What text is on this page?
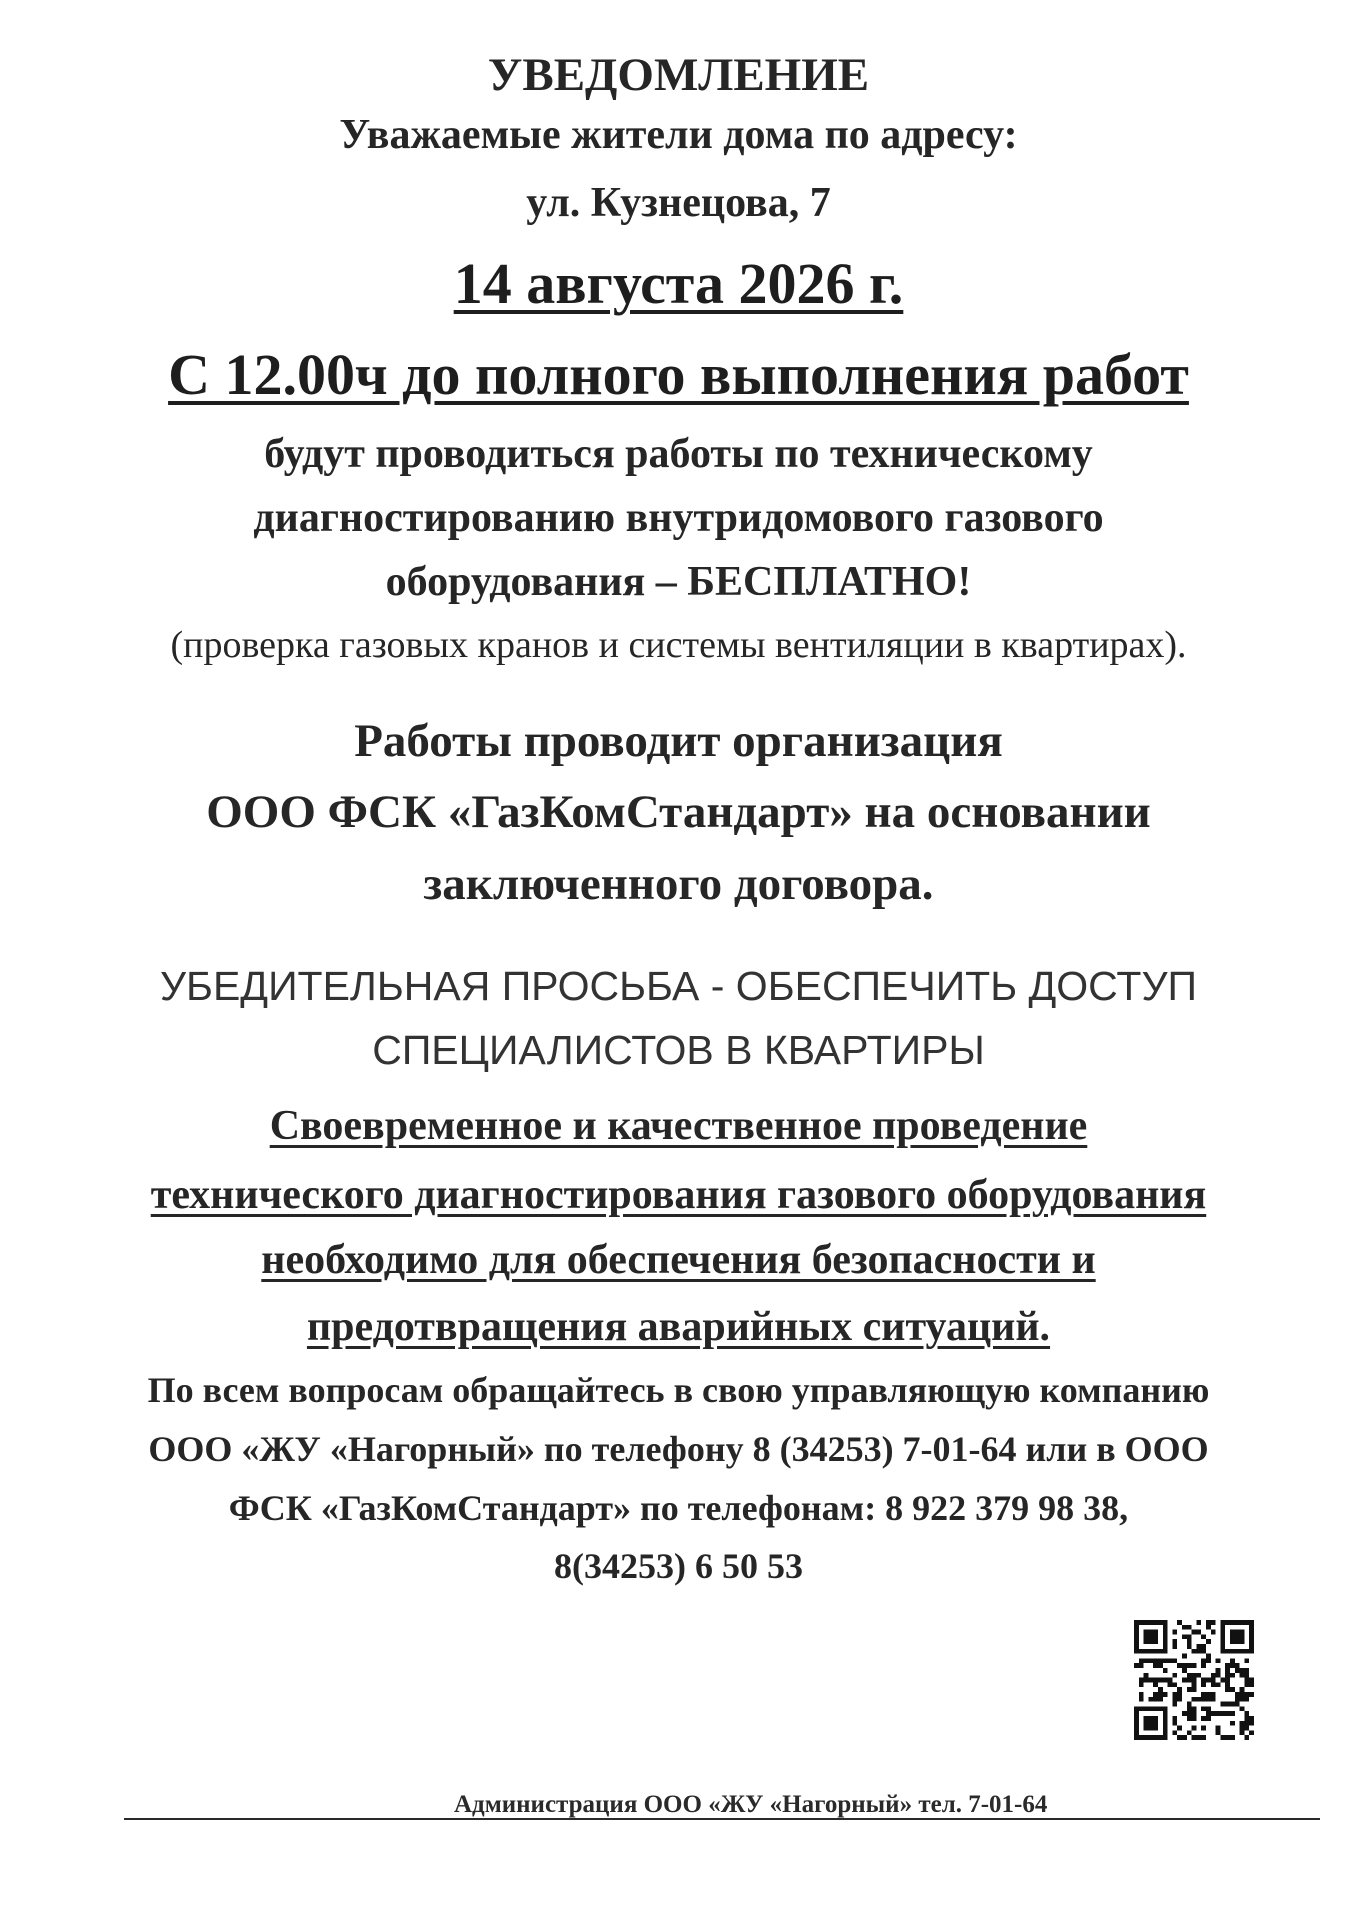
УВЕДОМЛЕНИЕ
Уважаемые жители дома по адресу:
ул. Кузнецова, 7
14 августа 2026 г.
С 12.00ч до полного выполнения работ
будут проводиться работы по техническому
диагностированию внутридомового газового
оборудования – БЕСПЛАТНО!
(проверка газовых кранов и системы вентиляции в квартирах).
Работы проводит организация
ООО ФСК «ГазКомСтандарт» на основании
заключенного договора.
УБЕДИТЕЛЬНАЯ ПРОСЬБА - ОБЕСПЕЧИТЬ ДОСТУП
СПЕЦИАЛИСТОВ В КВАРТИРЫ
Своевременное и качественное проведение
технического диагностирования газового оборудования
необходимо для обеспечения безопасности и
предотвращения аварийных ситуаций.
По всем вопросам обращайтесь в свою управляющую компанию
ООО «ЖУ «Нагорный» по телефону 8 (34253) 7-01-64 или в ООО
ФСК «ГазКомСтандарт» по телефонам: 8 922 379 98 38,
8(34253) 6 50 53
Администрация ООО «ЖУ «Нагорный» тел. 7-01-64
